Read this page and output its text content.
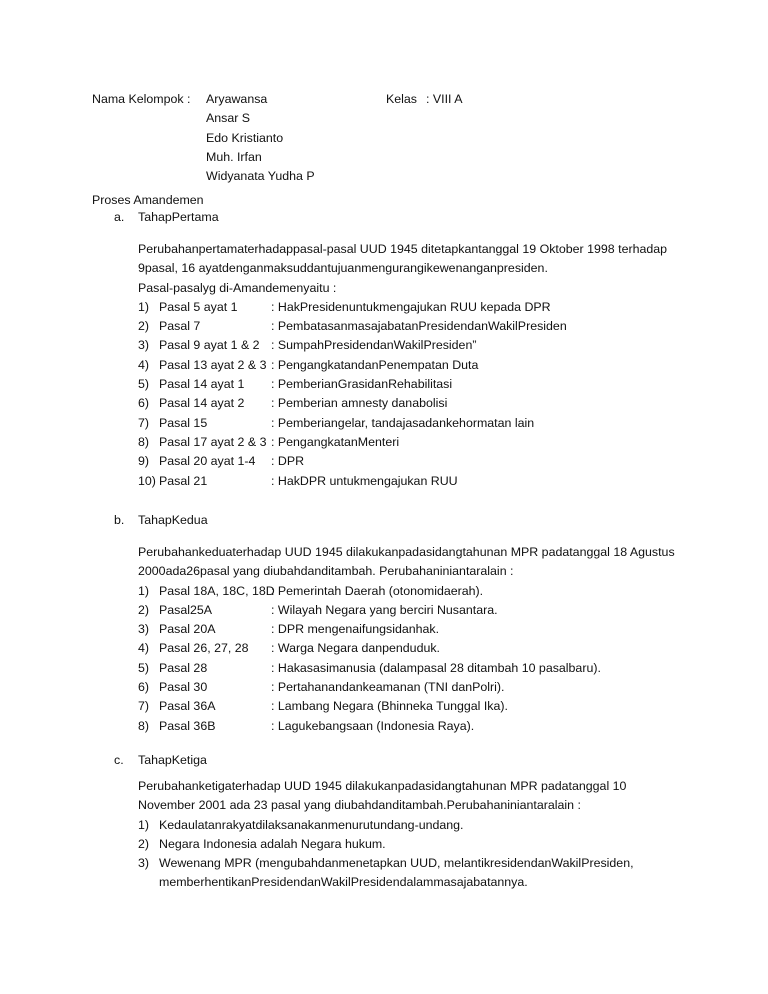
Nama Kelompok : Aryawansa
Ansar S
Edo Kristianto
Muh. Irfan
Widyanata Yudha P
Kelas : VIII A
Proses Amandemen
a. TahapPertama
Perubahanpertamaterhadappasal-pasal UUD 1945 ditetapkantanggal 19 Oktober 1998 terhadap
9pasal, 16 ayatdenganmaksuddantujuanmengurangikewenanganpresiden.
Pasal-pasalyg di-Amandemenyaitu :
1) Pasal 5 ayat 1	: HakPresidenuntukmengajukan RUU kepada DPR
2) Pasal 7	: PembatasanmasajabatanPresidendanWakilPresiden
3) Pasal 9 ayat 1 & 2 : SumpahPresidendanWakilPresiden”
4) Pasal 13 ayat 2 & 3 : PengangkatandanPenempatan Duta
5) Pasal 14 ayat 1 : PemberianGrasidanRehabilitasi
6) Pasal 14 ayat 2 : Pemberian amnesty danabolisi
7) Pasal 15	: Pemberiangelar, tandajasadankehormatan lain
8) Pasal 17 ayat 2 & 3 : PengangkatanMenteri
9) Pasal 20 ayat 1-4 : DPR
10) Pasal 21	: HakDPR untukmengajukan RUU
b. TahapKedua
Perubahankeduaterhadap UUD 1945 dilakukanpadasidangtahunan MPR padatanggal 18 Agustus
2000ada26pasal yang diubahdanditambah. Perubahaniniantaralain :
1) Pasal 18A, 18C, 18D
: Pemerintah Daerah (otonomidaerah).
2) Pasal25A	: Wilayah Negara yang berciri Nusantara.
3) Pasal 20A	: DPR mengenaifungsidanhak.
4) Pasal 26, 27, 28 : Warga Negara danpenduduk.
5) Pasal 28	: Hakasasimanusia (dalampasal 28 ditambah 10 pasalbaru).
6) Pasal 30	: Pertahanandankeamanan (TNI danPolri).
7) Pasal 36A	: Lambang Negara (Bhinneka Tunggal Ika).
8) Pasal 36B	: Lagukebangsaan (Indonesia Raya).
c. TahapKetiga
Perubahanketigaterhadap UUD 1945 dilakukanpadasidangtahunan MPR padatanggal 10
November 2001 ada 23 pasal yang diubahdanditambah.Perubahaniniantaralain :
1) Kedaulatanrakyatdilaksanakanmenurutundang-undang.
2) Negara Indonesia adalah Negara hukum.
3) Wewenang MPR (mengubahdanmenetapkan UUD, melantikresidendanWakilPresiden,
memberhentikanPresidendanWakilPresidendalammasajabatannya.
